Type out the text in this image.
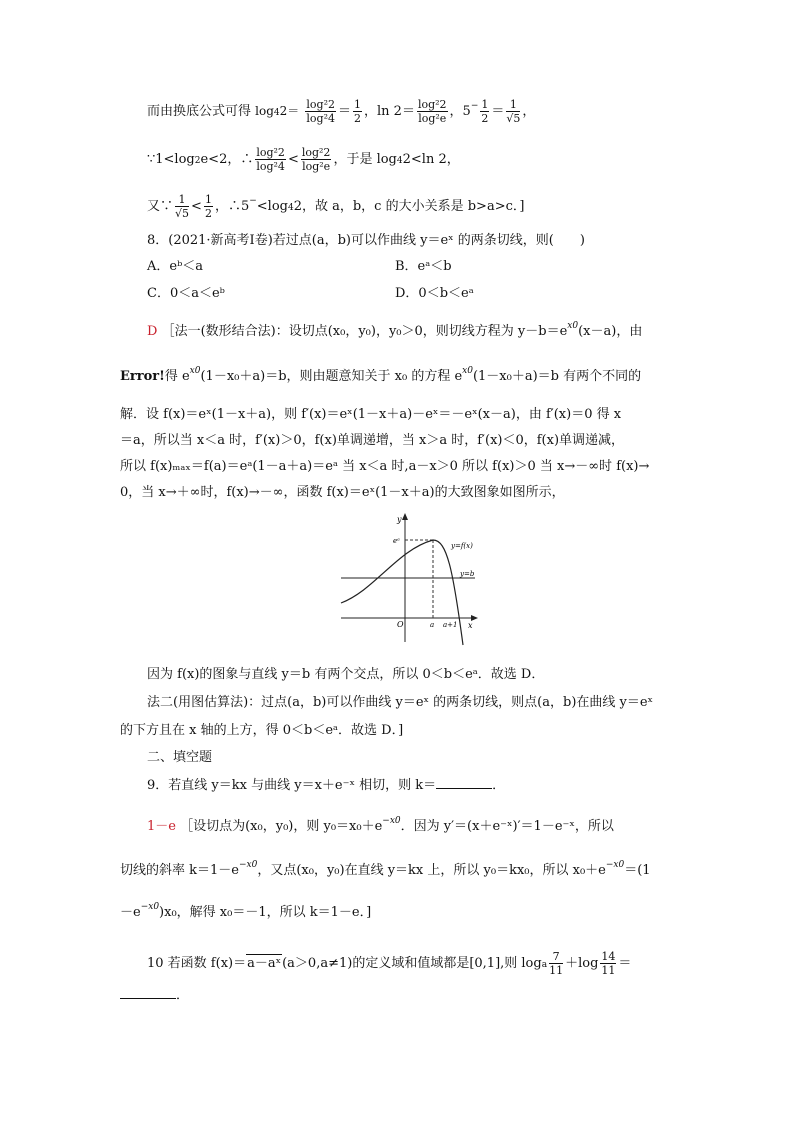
而由换底公式可得 $\log 42= \frac{\text{log²2}}{\text{log²4}} = \frac{1}{2}$ ，$\ln 2= \frac{\text{log²2}}{\text{log²e}}$ ，$5^- \frac{1}{2} = \frac{1}{√5}$ ，
∵1<log2e<2，∴ $\frac{\text{log²2}}{\text{log²4}} < \frac{\text{log²2}}{\text{log²e}}$ ，于是 log42<ln 2，
又∵ $\frac{1}{√5} < \frac{1}{2}$ ，∴5−<log42，故 a，b，c 的大小关系是 b>a>c．]
8．(2021·新高考Ⅰ卷)若过点(a，b)可以作曲线 y＝eˣ 的两条切线，则(　　)
A．eᵇ＜a	B．eᵃ＜b
C．0＜a＜eᵇ	D．0＜b＜eᵃ
D ［法一(数形结合法)：设切点(x₀，y₀)，y₀＞0，则切线方程为 $y-b=e^{x0}(x-a)$，由
Error!得 $e^{x0}(1-x_0+a)=b$，则由题意知关于 x₀ 的方程 $e^{x0}(1-x_0+a)=b$ 有两个不同的
解．设 f(x)＝eˣ(1－x＋a)，则 f′(x)＝eˣ(1－x＋a)－eˣ＝－eˣ(x－a)，由 f′(x)＝0 得 x
＝a，所以当 x＜a 时，f′(x)＞0，f(x)单调递增，当 x＞a 时，f′(x)＜0，f(x)单调递减，
所以 f(x)ₘₐₓ＝f(a)＝eᵃ(1－a＋a)＝eᵃ 当 x＜a 时,a－x＞0 所以 f(x)＞0 当 x→－∞时 f(x)→
0，当 x→＋∞时，f(x)→－∞，函数 f(x)＝eˣ(1－x＋a)的大致图象如图所示，
y
x
O
eᵃ
y=f(x)
y=b
a a+1
因为 f(x)的图象与直线 y＝b 有两个交点，所以 0＜b＜eᵃ．故选 D．
法二(用图估算法)：过点(a，b)可以作曲线 y＝eˣ 的两条切线，则点(a，b)在曲线 y＝eˣ
的下方且在 x 轴的上方，得 0＜b＜eᵃ．故选 D．]
二、填空题
9．若直线 y＝kx 与曲线 y＝x＋e⁻ˣ 相切，则 k＝	．
1－e ［设切点为(x₀，y₀)，则 $y_0=x_0+e^{-x0}$．因为 y′＝(x＋e⁻ˣ)′＝1－e⁻ˣ，所以
切线的斜率 $k=1-e^{-x0}$，又点(x₀，y₀)在直线 y＝kx 上，所以 y₀＝kx₀，所以 $x_0+e^{-x0}=(1$
$-e^{-x0})x_0$，解得 x₀＝－1，所以 k＝1－e．]
10 若函数 f(x)＝a－aˣ(a＞0,a≠1)的定义域和值域都是[0,1],则 loga $\frac{7}{11} +\log \frac{14}{11}$ ＝
．
